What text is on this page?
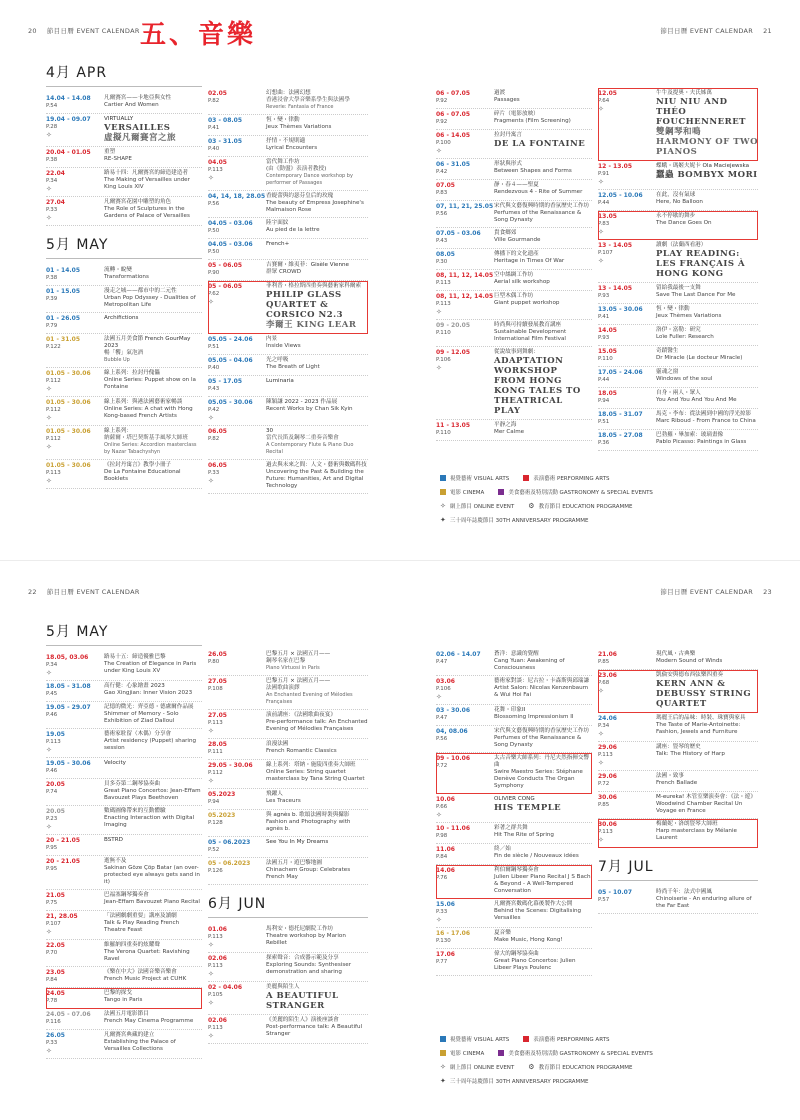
20 節目日曆 EVENT CALENDAR 五、音樂	節目日曆 EVENT CALENDAR 21
4月 APR
14.04 - 14.08
P.54
凡爾賽宮——卡地亞與女性
Cartier And Women
19.04 - 09.07
P.28
✧
VIRTUALLY
VERSAILLES
虛擬凡爾賽宮之旅
20.04 - 01.05
P.38
重塑
RE-SHAPE
22.04
P.34
✧
路易十四：凡爾賽宮的締造建造者
The Making of Versailles under King Louis XIV
27.04
P.33
✧
凡爾賽宮花園中雕塑的角色
The Role of Sculptures in the Gardens of Palace of Versailles
5月 MAY
01 - 14.05
P.38
流轉・蛻變
Transformations
01 - 15.05
P.39
漫走之城——都市中的二元性
Urban Pop Odyssey - Dualities of Metropolitan Life
01 - 26.05
P.79
Archifictions
01 - 31.05
P.122
法國五月美食節 French GourMay 2023
暢「饗」氣泡酒
Bubble Up
01.05 - 30.06
P.112
✧
線上系列：拉封丹傀儡
Online Series: Puppet show on la Fontaine
01.05 - 30.06
P.112
✧
線上系列：與港法國藝術家暢談
Online Series: A chat with Hong Kong-based French Artists
01.05 - 30.06
P.112
✧
線上系列：
納薩爾・塔巴契斯基手風琴大師班
Online Series: Accordion masterclass by Nazar Tabachyshyn
01.05 - 30.06
P.113
✧
《拉封丹寓言》教學小冊子
De La Fontaine Educational Booklets
02.05
P.82
幻想曲：法國幻想
香港浸會大學音樂系學生與法國學
Reverie: Fantasia of France
03 - 08.05
P.41
恆・變・律動
Jeux Thèmes Variations
03 - 31.05
P.40
抒情・不規則適
Lyrical Encounters
04.05
P.113
✧
當代舞工作坊
(由《動盪》表演者教授)
Contemporary Dance workshop by performer of Passages
04, 14, 18, 28.05
P.56
香緹蕾與約瑟芬皇后的玫瑰
The beauty of Empress Josephine's Malmaison Rose
04.05 - 03.06
P.50
陸宇面紋
Au pied de la lettre
04.05 - 03.06
P.50
French+
05 - 06.05
P.90
吉賽爾・維夷菲：Gisèle Vienne
群眾 CROWD
05 - 06.05
P.62
✧
菲利普・格拉斯四重奏與藝術家科爾索
PHILIP GLASS QUARTET & CORSICO N2.3
李爾王 KING LEAR
05.05 - 24.06
P.51
内景
Inside Views
05.05 - 04.06
P.40
光之呼吸
The Breath of Light
05 - 17.05
P.43
Luminaria
05.05 - 30.06
P.42
✧
陳穎謙 2022 - 2023 作品展
Recent Works by Chan Sik Kyin
06.05
P.82
30
當代長笛及鋼琴二重奏音樂會
A Contemporary Flute & Piano Duo Recital
06.05
P.33
✧
過去與未來之間：人文・藝術與數碼科技
Uncovering the Past & Building the Future: Humanities, Art and Digital Technology
06 - 07.05
P.92
過渡
Passages
06 - 07.05
P.92
碎片（電影放映）
Fragments (Film Screening)
06 - 14.05
P.100
✧
拉封丹寓言
DE LA FONTAINE
06 - 31.05
P.42
形狀與形式
Between Shapes and Forms
07.05
P.83
靜・春４——聖夏
Rendezvous 4 - Rite of Summer
07, 11, 21, 25.05
P.56
宋代與文藝復興時期的香氛歷史工作坊
Perfumes of the Renaissance & Song Dynasty
07.05 - 03.06
P.43
貴食鄉郊
Ville Gourmande
08.05
P.30
傳播下的文化遺產
Heritage in Times Of War
08, 11, 12, 14.05
P.113
空中絲綢工作坊
Aerial silk workshop
08, 11, 12, 14.05
P.113
✧
巨型木偶工作坊
Giant puppet workshop
09 - 20.05
P.110
時尚與可持續發展教育講座
Sustainable Development International Film Festival
09 - 12.05
P.106
✧
從說故事到舞劇：
ADAPTATION WORKSHOP FROM HONG KONG TALES TO THEATRICAL PLAY
11 - 13.05
P.110
平靜之海
Mer Calme
12.05
P.64
✧
牛牛及提奧・夫氏姊萬
NIU NIU AND THÉO FOUCHENNERET
雙鋼琴和鳴 HARMONY OF TWO PIANOS
12 - 13.05
P.91
✧
蝶蛾・瑪姬夫妮卡 Ola Maciejewska
蠶蟲 BOMBYX MORI
12.05 - 10.06
P.44
在此，沒有氣球
Here, No Balloon
13.05
P.83
✧
永不停歇的舞步
The Dance Goes On
13 - 14.05
P.107
✧
讀劇（法蘭西看港）
PLAY READING: LES FRANÇAIS À HONG KONG
13 - 14.05
P.93
留給我最後一支舞
Save The Last Dance For Me
13.05 - 30.06
P.41
恆・變・律動
Jeux Thèmes Variations
14.05
P.93
洛伊・富勒：研究
Loïe Fuller: Research
15.05
P.110
奇蹟醫生
Dr Miracle (Le docteur Miracle)
17.05 - 24.06
P.44
靈魂之窗
Windows of the soul
18.05
P.94
自身・兩人・眾人
You And You And You And Me
18.05 - 31.07
P.51
馬克・李布：從法國到中國的浮光掠影
Marc Riboud - From France to China
18.05 - 27.08
P.36
巴勃羅・畢加索：玻璃畫像
Pablo Picasso: Paintings in Glass
視覺藝術 VISUAL ARTS	表演藝術 PERFORMING ARTS
電影 CINEMA	美食藝術及特別活動 GASTRONOMY & SPECIAL EVENTS
✧ 網上節目 ONLINE EVENT ⚙ 教育節目 EDUCATION PROGRAMME
✦ 三十周年誌慶節目 30TH ANNIVERSARY PROGRAMME
22 節目日曆 EVENT CALENDAR	節目日曆 EVENT CALENDAR 23
5月 MAY
18.05, 03.06
P.34
✧
路易十五：締造優雅巴黎
The Creation of Elegance in Paris under King Louis XV
18.05 - 31.08
P.45
高行健：心象繪畫 2023
Gao Xingjian: Inner Vision 2023
19.05 - 29.07
P.46
記憶的微光：齊亞德・德盧爾作品展
Shimmer of Memory - Solo Exhibition of Ziad Dalloul
19.05
P.113
✧
藝術家駐留（木偶）分享會
Artist residency (Puppet) sharing session
19.05 - 30.06
P.46
Velocity
20.05
P.74
貝多芬第二鋼琴協奏曲
Great Piano Concertos: Jean-Effam Bavouzet Plays Beethoven
20.05
P.23
✧
數碼圖像帶來的互動體驗
Enacting Interaction with Digital Imaging
20 - 21.05
P.95
BSTRD
20 - 21.05
P.95
逝無不及
Sakinan Göze Çöp Batar (an over-protected eye always gets sand in it)
21.05
P.75
巴福塞鋼琴獨奏會
Jean-Effam Bavouzet Piano Recital
21, 28.05
P.107
✧
「法國劇劇重要」講座及讀劇
Talk & Play Reading French Theatre Feast
22.05
P.70
維羅納四重奏的炫耀聲
The Verona Quartet: Ravishing Ravel
23.05
P.84
《樂在中大》法國音樂音樂會
French Music Project at CUHK
24.05
P.78
巴黎的探戈
Tango in Paris
24.05 - 07.06
P.116
法國五月電影節目
French May Cinema Programme
26.05
P.33
✧
凡爾賽宮典藏的建立
Establishing the Palace of Versailles Collections
26.05
P.80
巴黎五月 × 法國五月——
鋼琴名家在巴黎
Piano Virtuosi in Paris
27.05
P.108
巴黎五月 × 法國五月——
法國歌曲演繹
An Enchanted Evening of Mélodies Françaises
27.05
P.113
✧
演前講座：《法國歌曲夜宴》
Pre-performance talk: An Enchanted Evening of Mélodies Françaises
28.05
P.111
浪漫法國
French Romantic Classics
29.05 - 30.06
P.112
✧
線上系列：塔納・施陵四重奏大師班
Online Series: String quartet masterclass by Tana String Quartet
05.2023
P.94
飛躍人
Les Traceurs
05.2023
P.128
與 agnès b. 歌頌法國時裝與攝影
Fashion and Photography with agnès b.
05 - 06.2023
P.52
See You In My Dreams
05 - 06.2023
P.126
法國五月・遊巴黎地圖
Chinachem Group: Celebrates French May
6月 JUN
01.06
P.113
✧
馬利安・德托尼劇院工作坊
Theatre workshop by Marion Rebillet
02.06
P.113
✧
探索聲音：合成器示範及分享
Exploring Sounds: Synthesiser demonstration and sharing
02 - 04.06
P.105
✧
美麗與陌生人
A BEAUTIFUL STRANGER
02.06
P.113
✧
《美麗的陌生人》演後座談會
Post-performance talk: A Beautiful Stranger
02.06 - 14.07
P.47
蒼洋：意識的覺醒
Cang Yuan: Awakening of Consciousness
03.06
P.106
✧
藝術家對談：尼古拉・卡森斯與邱瑞謙
Artist Salon: Nicolas Kenzenbaum & Wui Hoi Fai
03 - 30.06
P.47
花舞・印象II
Blossoming Impressionism II
04, 08.06
P.56
宋代與文藝復興時期的香氛歷史工作坊
Perfumes of the Renaissance & Song Dynasty
09 - 10.06
P.72
太古音樂大師系列：丹尼夫然指揮交響曲
Swire Maestro Series: Stéphane Denève Conducts The Organ Symphony
10.06
P.66
✧
OLIVIER CONG
HIS TEMPLE
10 - 11.06
P.98
彩著之群共舞
Hit The Rite of Spring
11.06
P.84
終／始
Fin de siècle / Nouveaux idées
14.06
P.76
利伯爾鋼琴獨奏會
Julien Libeer Piano Recital J S Bach & Beyond - A Well-Tempered Conversation
15.06
P.33
✧
凡爾賽宮數碼化幕後製作大公開
Behind the Scenes: Digitalising Versailles
16 - 17.06
P.130
夏音樂
Make Music, Hong Kong!
17.06
P.77
偉大的鋼琴協奏曲
Great Piano Concertos: Julien Libeer Plays Poulenc
21.06
P.85
現代風・古典樂
Modern Sound of Winds
23.06
P.68
✧
凱倫安與德布西弦樂四重奏
KERN ANN & DEBUSSY STRING QUARTET
24.06
P.34
✧
瑪麗王后的品味：時裝、珠寶與家具
The Taste of Marie-Antoinette: Fashion, Jewels and Furniture
29.06
P.113
✧
講座：豎琴的歷史
Talk: The History of Harp
29.06
P.72
法國・致事
French Ballade
30.06
P.85
M-eureka! 木管室樂演奏會：《法・遊》
Woodwind Chamber Recital Un Voyage en France
30.06
P.113
✧
梅蘭妮・洛朗豎琴大師班
Harp masterclass by Mélanie Laurent
7月 JUL
05 - 10.07
P.57
時尚千年：法式中國風
Chinoiserie - An enduring allure of the Far East
視覺藝術 VISUAL ARTS	表演藝術 PERFORMING ARTS
電影 CINEMA	美食藝術及特別活動 GASTRONOMY & SPECIAL EVENTS
✧ 網上節目 ONLINE EVENT ⚙ 教育節目 EDUCATION PROGRAMME
✦ 三十周年誌慶節目 30TH ANNIVERSARY PROGRAMME
